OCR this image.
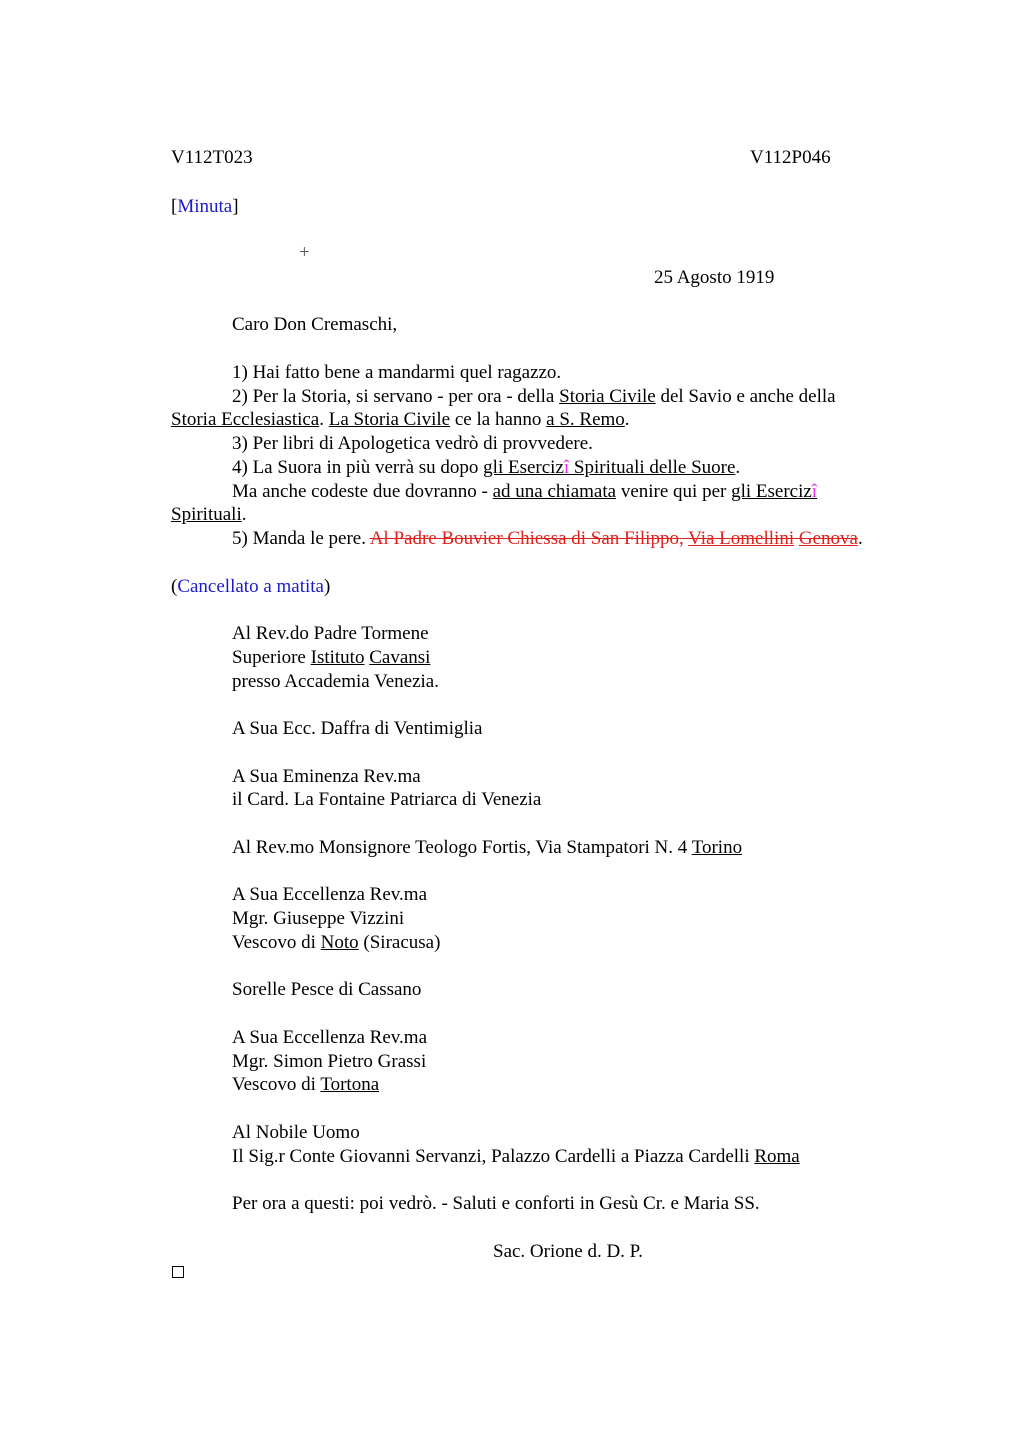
V112T023	V112P046
[Minuta]
+
25 Agosto 1919
Caro Don Cremaschi,
1) Hai fatto bene a mandarmi quel ragazzo.
2) Per la Storia, si servano - per ora - della Storia Civile del Savio e anche della
Storia Ecclesiastica. La Storia Civile ce la hanno a S. Remo.
3) Per libri di Apologetica vedrò di provvedere.
4) La Suora in più verrà su dopo gli Esercizî Spirituali delle Suore.
Ma anche codeste due dovranno - ad una chiamata venire qui per gli Esercizî
Spirituali.
5) Manda le pere. Al Padre Bouvier Chiessa di San Filippo, Via Lomellini Genova.
(Cancellato a matita)
Al Rev.do Padre Tormene
Superiore Istituto Cavansi
presso Accademia Venezia.
A Sua Ecc. Daffra di Ventimiglia
A Sua Eminenza Rev.ma
il Card. La Fontaine Patriarca di Venezia
Al Rev.mo Monsignore Teologo Fortis, Via Stampatori N. 4 Torino
A Sua Eccellenza Rev.ma
Mgr. Giuseppe Vizzini
Vescovo di Noto (Siracusa)
Sorelle Pesce di Cassano
A Sua Eccellenza Rev.ma
Mgr. Simon Pietro Grassi
Vescovo di Tortona
Al Nobile Uomo
Il Sig.r Conte Giovanni Servanzi, Palazzo Cardelli a Piazza Cardelli Roma
Per ora a questi: poi vedrò. - Saluti e conforti in Gesù Cr. e Maria SS.
Sac. Orione d. D. P.
